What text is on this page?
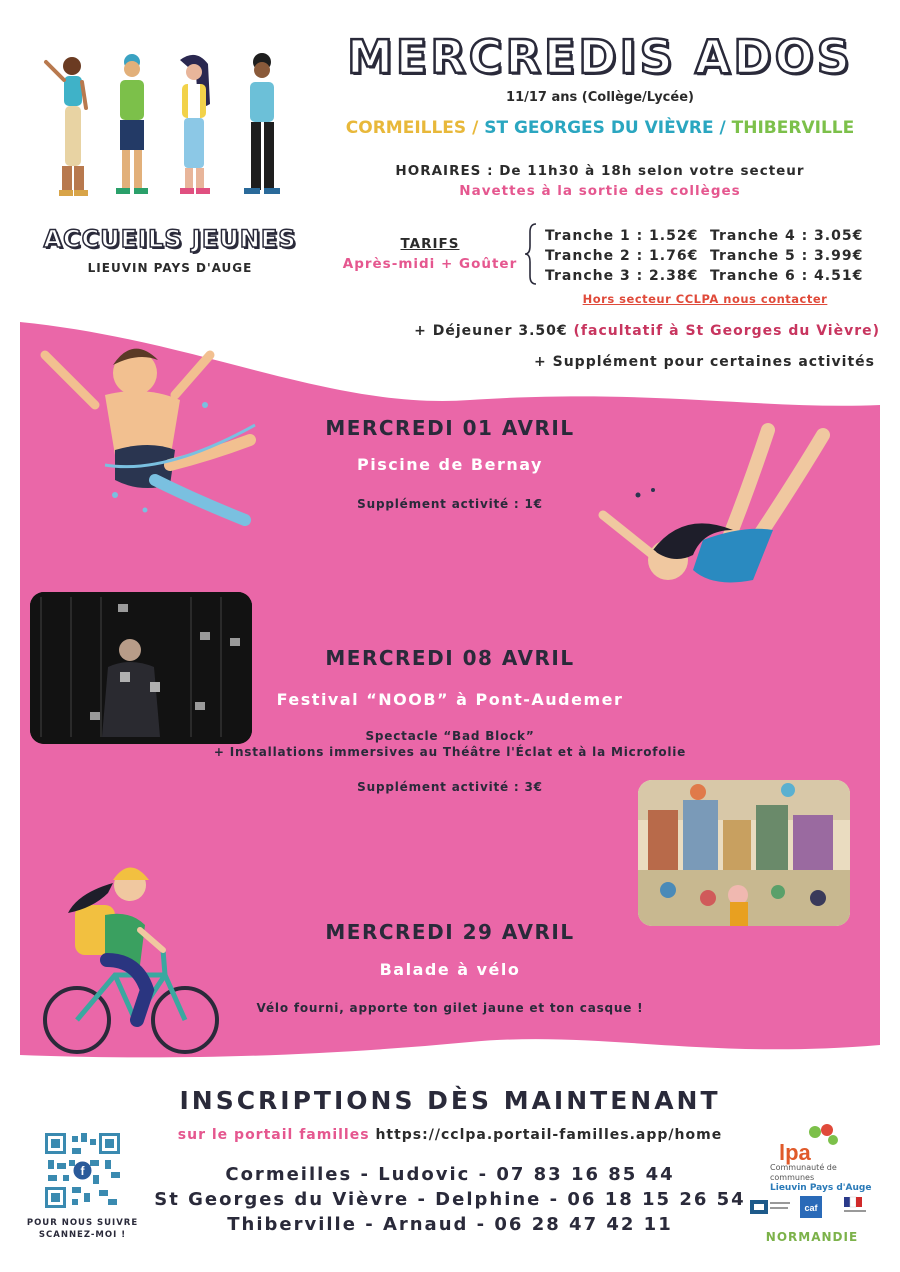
MERCREDIS ADOS
11/17 ans (Collège/Lycée)
CORMEILLES / ST GEORGES DU VIÈVRE / THIBERVILLE
HORAIRES : De 11h30 à 18h selon votre secteur
Navettes à la sortie des collèges
ACCUEILS JEUNES
LIEUVIN PAYS D'AUGE
TARIFS
Après-midi + Goûter
Tranche 1 : 1.52€ Tranche 4 : 3.05€
Tranche 2 : 1.76€ Tranche 5 : 3.99€
Tranche 3 : 2.38€ Tranche 6 : 4.51€
Hors secteur CCLPA nous contacter
+ Déjeuner 3.50€ (facultatif à St Georges du Vièvre)
+ Supplément pour certaines activités
MERCREDI 01 AVRIL
Piscine de Bernay
Supplément activité : 1€
MERCREDI 08 AVRIL
Festival “NOOB” à Pont-Audemer
Spectacle “Bad Block”
+ Installations immersives au Théâtre l'Éclat et à la Microfolie
Supplément activité : 3€
MERCREDI 29 AVRIL
Balade à vélo
Vélo fourni, apporte ton gilet jaune et ton casque !
INSCRIPTIONS DÈS MAINTENANT
sur le portail familles https://cclpa.portail-familles.app/home
Cormeilles - Ludovic - 07 83 16 85 44
St Georges du Vièvre - Delphine - 06 18 15 26 54
Thiberville - Arnaud - 06 28 47 42 11
f
POUR NOUS SUIVRE
SCANNEZ-MOI !
lpa
Communauté de communes
Lieuvin Pays d'Auge
caf
NORMANDIE
